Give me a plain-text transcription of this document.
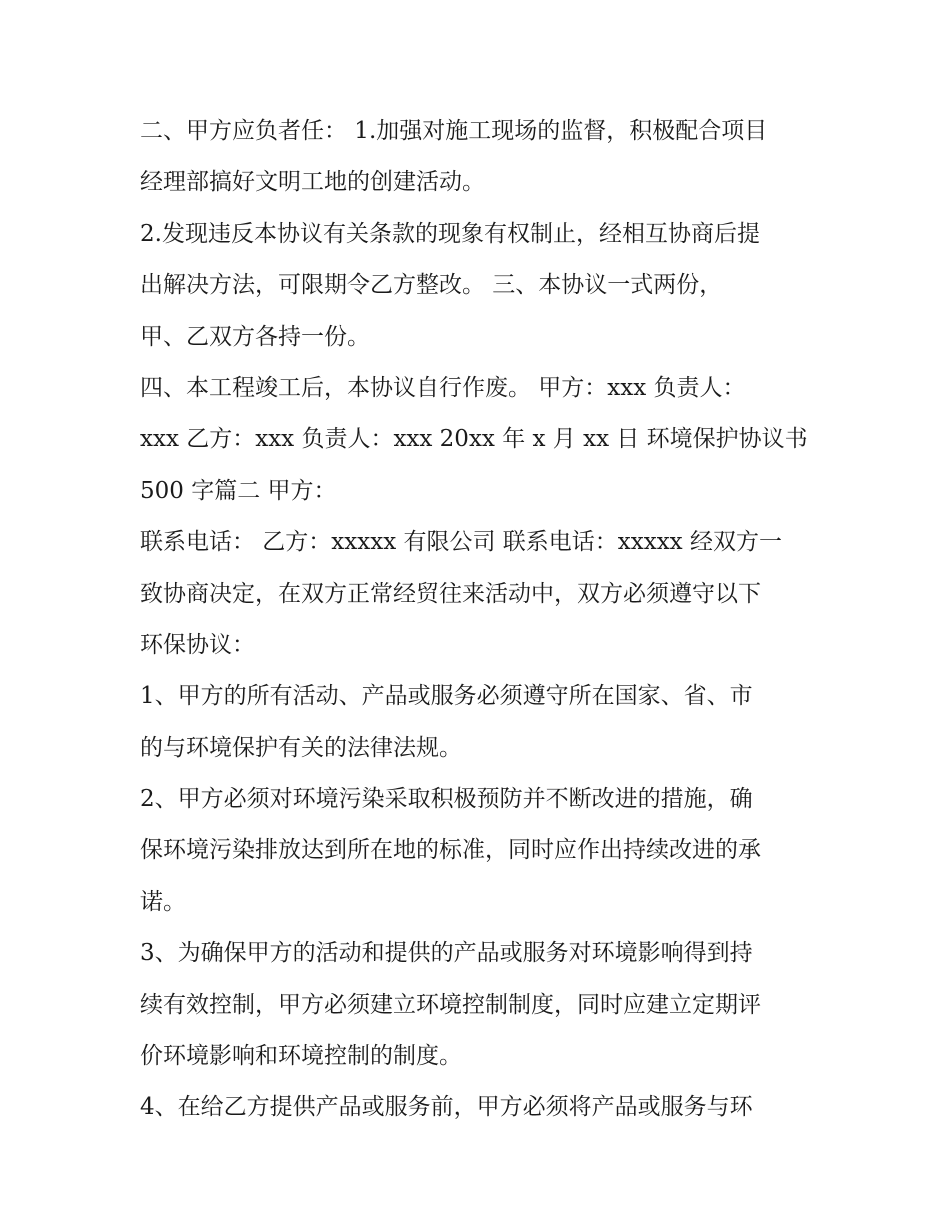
二、甲方应负者任： 1.加强对施工现场的监督，积极配合项目
经理部搞好文明工地的创建活动。
2.发现违反本协议有关条款的现象有权制止，经相互协商后提
出解决方法，可限期令乙方整改。 三、本协议一式两份，
甲、乙双方各持一份。
四、本工程竣工后，本协议自行作废。 甲方：xxx 负责人：
xxx 乙方：xxx 负责人：xxx 20xx 年 x 月 xx 日 环境保护协议书
500 字篇二 甲方：
联系电话： 乙方：xxxxx 有限公司 联系电话：xxxxx 经双方一
致协商决定，在双方正常经贸往来活动中，双方必须遵守以下
环保协议：
1、甲方的所有活动、产品或服务必须遵守所在国家、省、市
的与环境保护有关的法律法规。
2、甲方必须对环境污染采取积极预防并不断改进的措施，确
保环境污染排放达到所在地的标准，同时应作出持续改进的承
诺。
3、为确保甲方的活动和提供的产品或服务对环境影响得到持
续有效控制，甲方必须建立环境控制制度，同时应建立定期评
价环境影响和环境控制的制度。
4、在给乙方提供产品或服务前，甲方必须将产品或服务与环
